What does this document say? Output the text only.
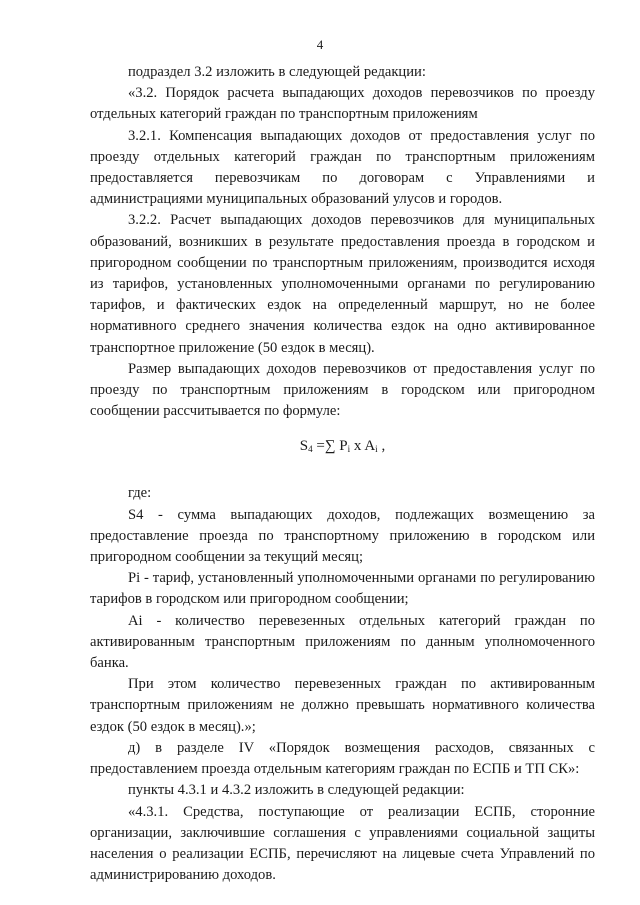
4

подраздел 3.2 изложить в следующей редакции:

«3.2. Порядок расчета выпадающих доходов перевозчиков по проезду отдельных категорий граждан по транспортным приложениям

3.2.1. Компенсация выпадающих доходов от предоставления услуг по проезду отдельных категорий граждан по транспортным приложениям предоставляется перевозчикам по договорам с Управлениями и администрациями муниципальных образований улусов и городов.

3.2.2. Расчет выпадающих доходов перевозчиков для муниципальных образований, возникших в результате предоставления проезда в городском и пригородном сообщении по транспортным приложениям, производится исходя из тарифов, установленных уполномоченными органами по регулированию тарифов, и фактических ездок на определенный маршрут, но не более нормативного среднего значения количества ездок на одно активированное транспортное приложение (50 ездок в месяц).

Размер выпадающих доходов перевозчиков от предоставления услуг по проезду по транспортным приложениям в городском или пригородном сообщении рассчитывается по формуле:

$S_4$ =∑ $P_i$ x $A_i$ ,

где:

S4 - сумма выпадающих доходов, подлежащих возмещению за предоставление проезда по транспортному приложению в городском или пригородном сообщении за текущий месяц;

Pi - тариф, установленный уполномоченными органами по регулированию тарифов в городском или пригородном сообщении;

Ai - количество перевезенных отдельных категорий граждан по активированным транспортным приложениям по данным уполномоченного банка.

При этом количество перевезенных граждан по активированным транспортным приложениям не должно превышать нормативного количества ездок (50 ездок в месяц).»;

д) в разделе IV «Порядок возмещения расходов, связанных с предоставлением проезда отдельным категориям граждан по ЕСПБ и ТП СК»:

пункты 4.3.1 и 4.3.2 изложить в следующей редакции:

«4.3.1. Средства, поступающие от реализации ЕСПБ, сторонние организации, заключившие соглашения с управлениями социальной защиты населения о реализации ЕСПБ, перечисляют на лицевые счета Управлений по администрированию доходов.
